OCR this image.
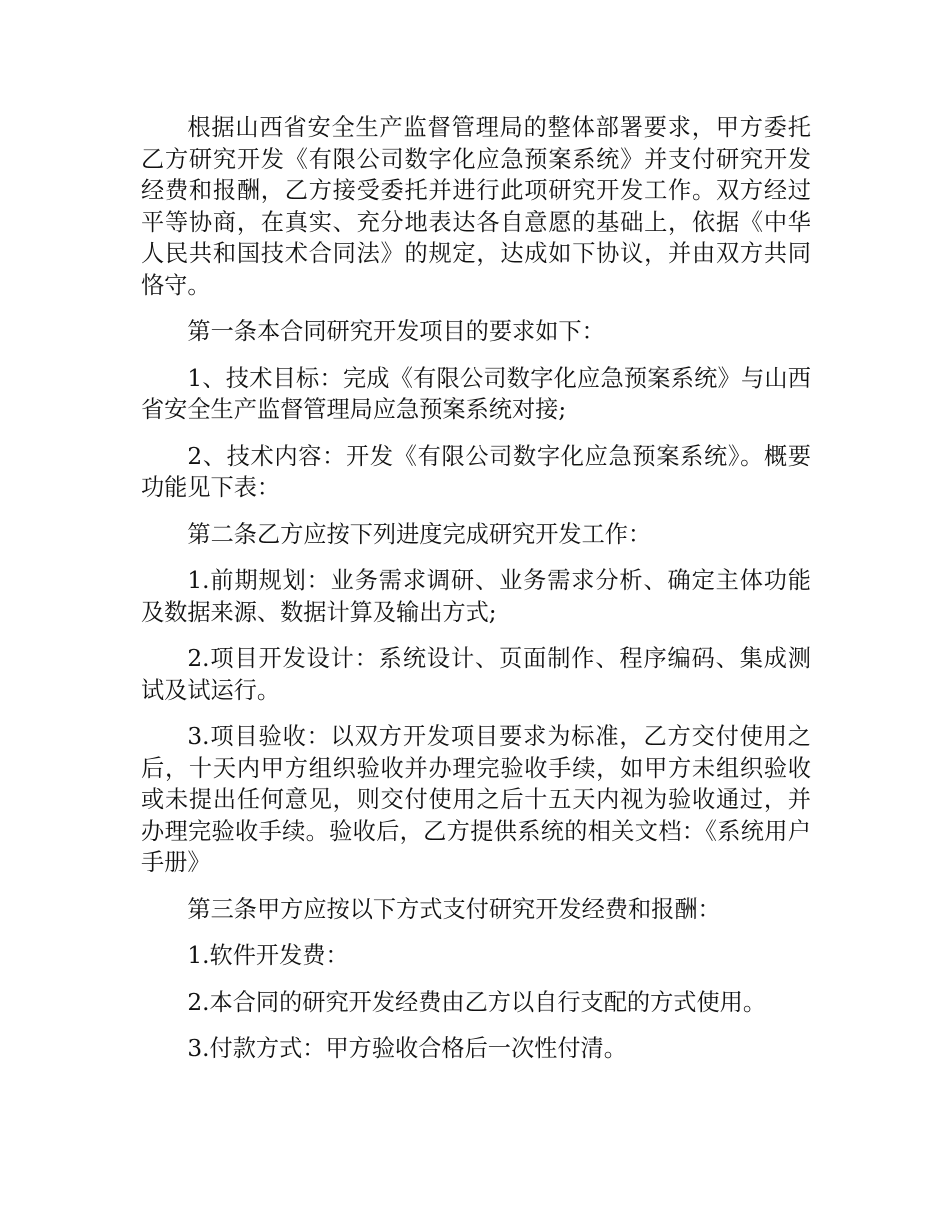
根据山西省安全生产监督管理局的整体部署要求，甲方委托乙方研究开发《有限公司数字化应急预案系统》并支付研究开发经费和报酬，乙方接受委托并进行此项研究开发工作。双方经过平等协商，在真实、充分地表达各自意愿的基础上，依据《中华人民共和国技术合同法》的规定，达成如下协议，并由双方共同恪守。

第一条本合同研究开发项目的要求如下：

1、技术目标：完成《有限公司数字化应急预案系统》与山西省安全生产监督管理局应急预案系统对接;

2、技术内容：开发《有限公司数字化应急预案系统》。概要功能见下表：

第二条乙方应按下列进度完成研究开发工作：

1.前期规划：业务需求调研、业务需求分析、确定主体功能及数据来源、数据计算及输出方式;

2.项目开发设计：系统设计、页面制作、程序编码、集成测试及试运行。

3.项目验收：以双方开发项目要求为标准，乙方交付使用之后，十天内甲方组织验收并办理完验收手续，如甲方未组织验收或未提出任何意见，则交付使用之后十五天内视为验收通过，并办理完验收手续。验收后，乙方提供系统的相关文档：《系统用户手册》

第三条甲方应按以下方式支付研究开发经费和报酬：

1.软件开发费：

2.本合同的研究开发经费由乙方以自行支配的方式使用。

3.付款方式：甲方验收合格后一次性付清。
